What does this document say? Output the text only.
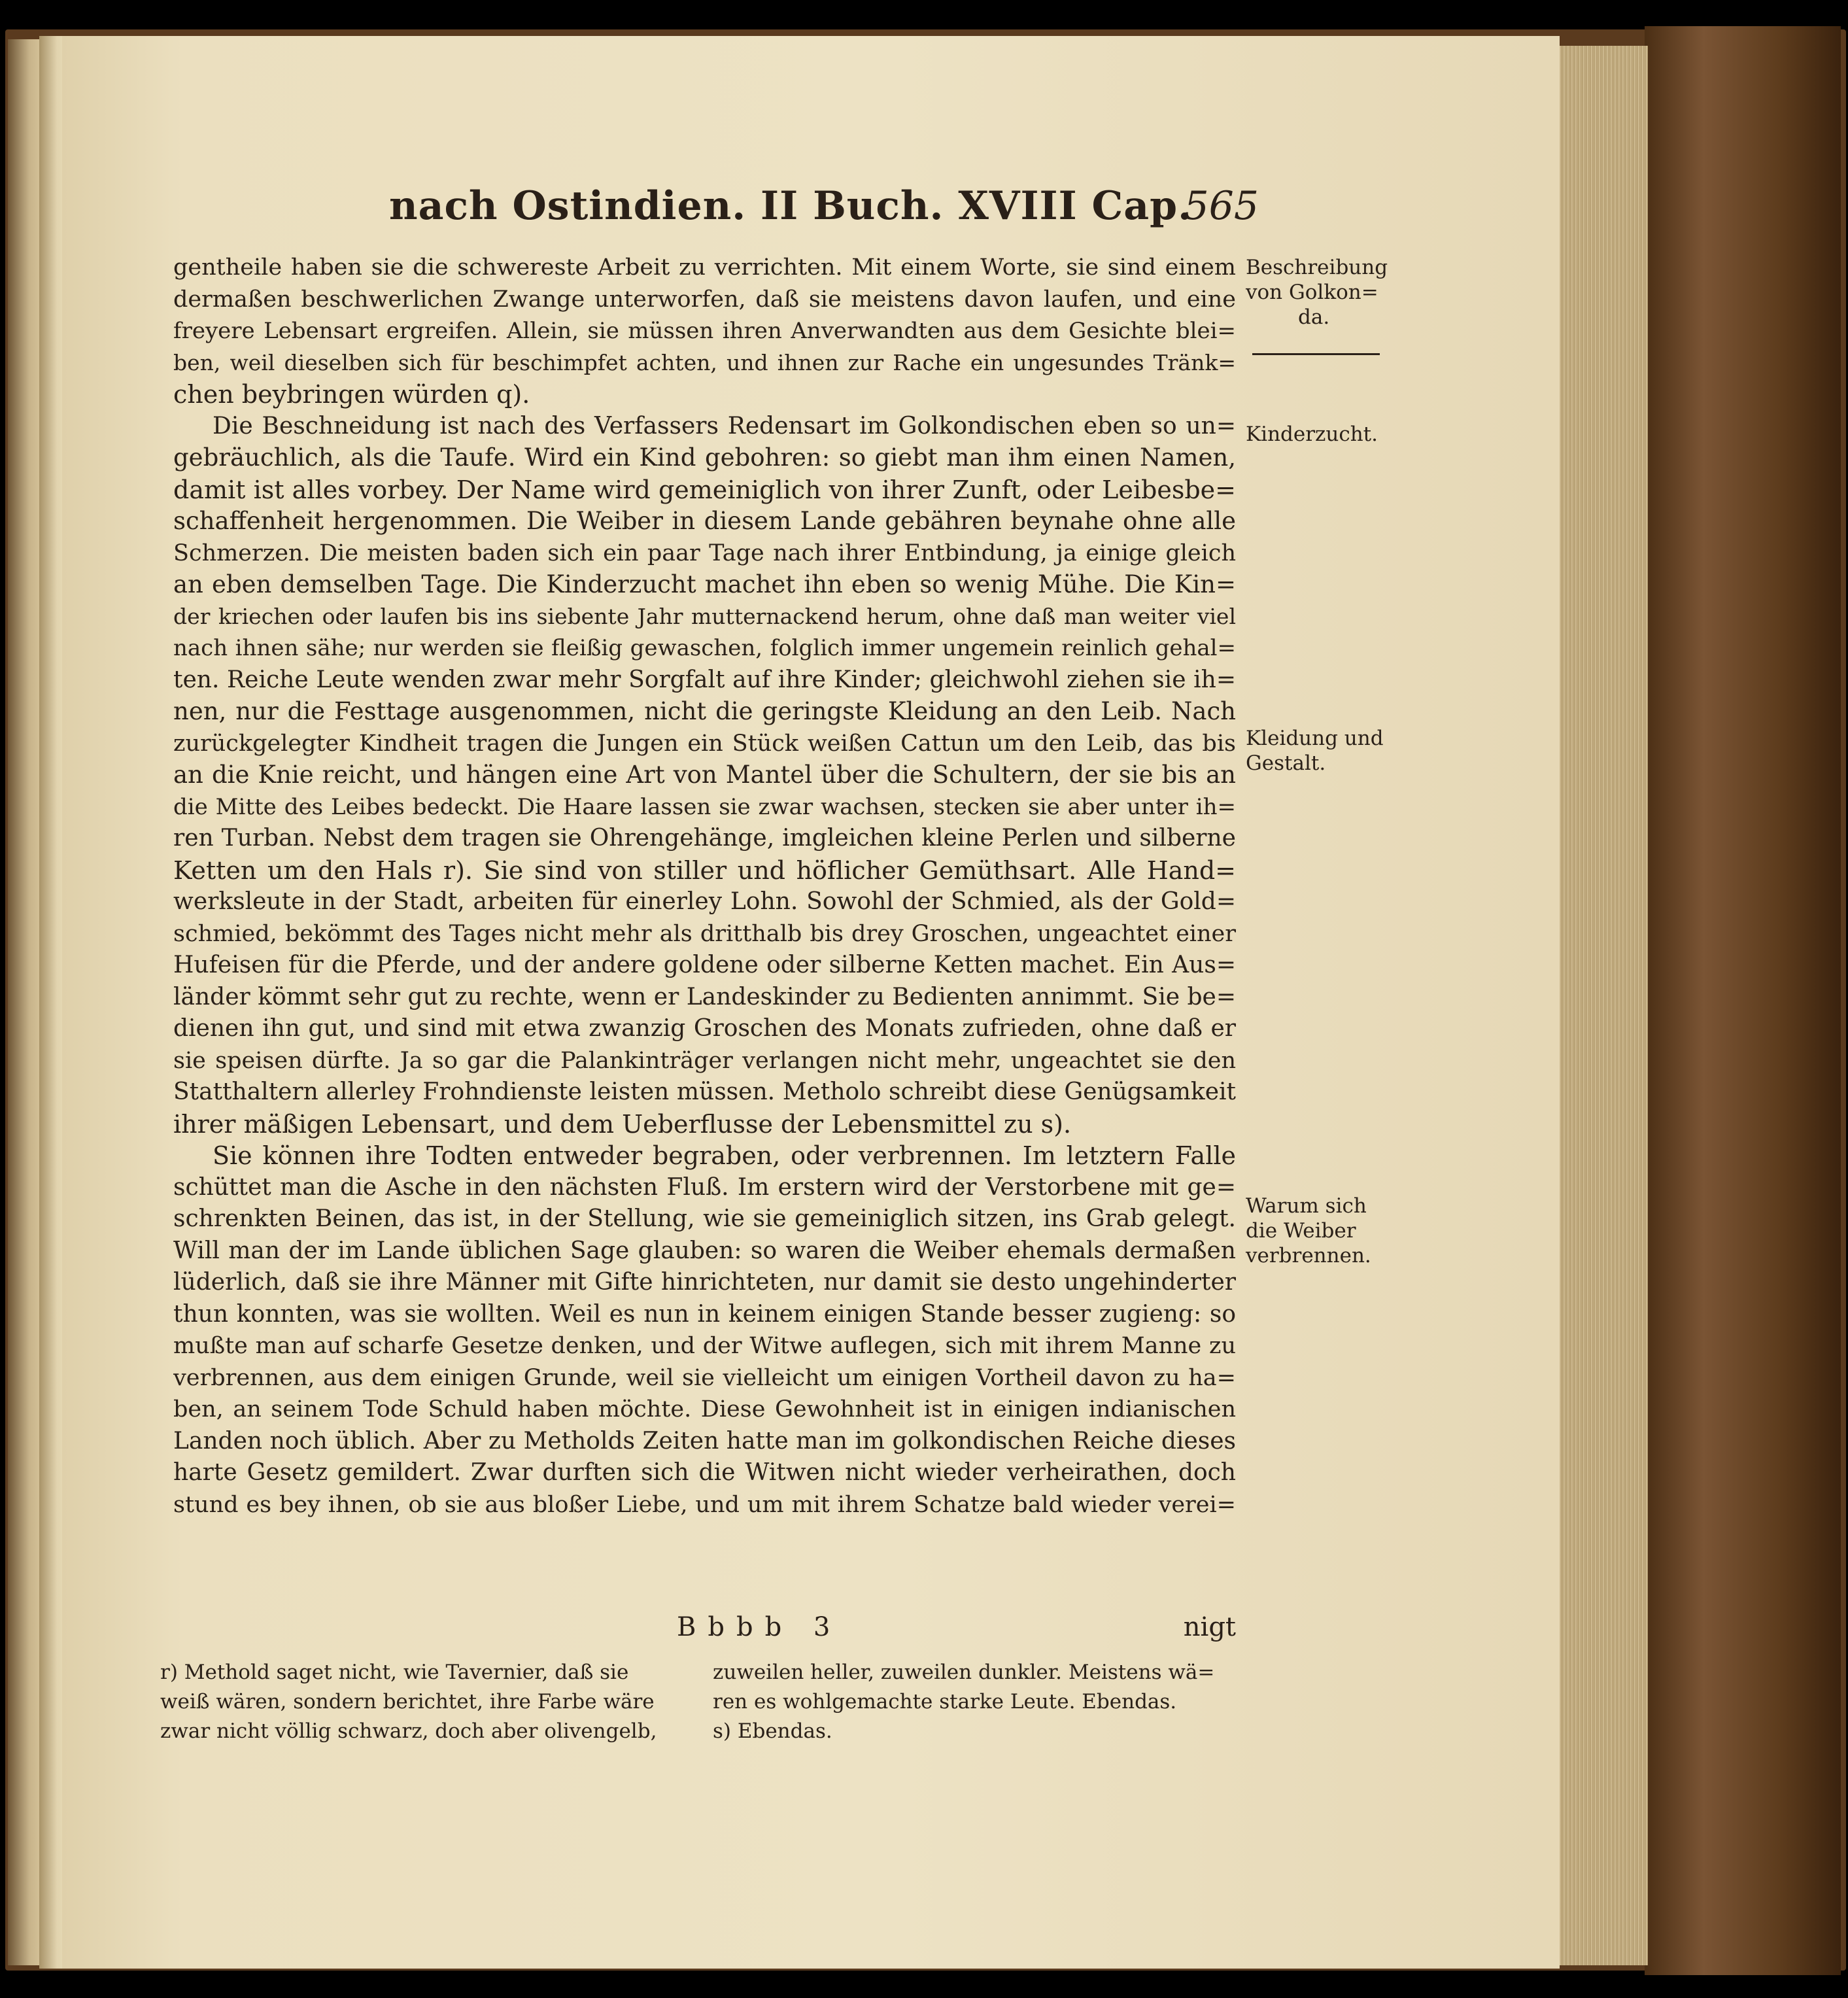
nach Ostindien. II Buch. XVIII Cap.
565
gentheile haben sie die schwereste Arbeit zu verrichten. Mit einem Worte, sie sind einem
dermaßen beschwerlichen Zwange unterworfen, daß sie meistens davon laufen, und eine
freyere Lebensart ergreifen. Allein, sie müssen ihren Anverwandten aus dem Gesichte blei=
ben, weil dieselben sich für beschimpfet achten, und ihnen zur Rache ein ungesundes Tränk=
chen beybringen würden q).
Die Beschneidung ist nach des Verfassers Redensart im Golkondischen eben so un=
gebräuchlich, als die Taufe. Wird ein Kind gebohren: so giebt man ihm einen Namen,
damit ist alles vorbey. Der Name wird gemeiniglich von ihrer Zunft, oder Leibesbe=
schaffenheit hergenommen. Die Weiber in diesem Lande gebähren beynahe ohne alle
Schmerzen. Die meisten baden sich ein paar Tage nach ihrer Entbindung, ja einige gleich
an eben demselben Tage. Die Kinderzucht machet ihn eben so wenig Mühe. Die Kin=
der kriechen oder laufen bis ins siebente Jahr mutternackend herum, ohne daß man weiter viel
nach ihnen sähe; nur werden sie fleißig gewaschen, folglich immer ungemein reinlich gehal=
ten. Reiche Leute wenden zwar mehr Sorgfalt auf ihre Kinder; gleichwohl ziehen sie ih=
nen, nur die Festtage ausgenommen, nicht die geringste Kleidung an den Leib. Nach
zurückgelegter Kindheit tragen die Jungen ein Stück weißen Cattun um den Leib, das bis
an die Knie reicht, und hängen eine Art von Mantel über die Schultern, der sie bis an
die Mitte des Leibes bedeckt. Die Haare lassen sie zwar wachsen, stecken sie aber unter ih=
ren Turban. Nebst dem tragen sie Ohrengehänge, imgleichen kleine Perlen und silberne
Ketten um den Hals r). Sie sind von stiller und höflicher Gemüthsart. Alle Hand=
werksleute in der Stadt, arbeiten für einerley Lohn. Sowohl der Schmied, als der Gold=
schmied, bekömmt des Tages nicht mehr als dritthalb bis drey Groschen, ungeachtet einer
Hufeisen für die Pferde, und der andere goldene oder silberne Ketten machet. Ein Aus=
länder kömmt sehr gut zu rechte, wenn er Landeskinder zu Bedienten annimmt. Sie be=
dienen ihn gut, und sind mit etwa zwanzig Groschen des Monats zufrieden, ohne daß er
sie speisen dürfte. Ja so gar die Palankinträger verlangen nicht mehr, ungeachtet sie den
Statthaltern allerley Frohndienste leisten müssen. Metholo schreibt diese Genügsamkeit
ihrer mäßigen Lebensart, und dem Ueberflusse der Lebensmittel zu s).
Sie können ihre Todten entweder begraben, oder verbrennen. Im letztern Falle
schüttet man die Asche in den nächsten Fluß. Im erstern wird der Verstorbene mit ge=
schrenkten Beinen, das ist, in der Stellung, wie sie gemeiniglich sitzen, ins Grab gelegt.
Will man der im Lande üblichen Sage glauben: so waren die Weiber ehemals dermaßen
lüderlich, daß sie ihre Männer mit Gifte hinrichteten, nur damit sie desto ungehinderter
thun konnten, was sie wollten. Weil es nun in keinem einigen Stande besser zugieng: so
mußte man auf scharfe Gesetze denken, und der Witwe auflegen, sich mit ihrem Manne zu
verbrennen, aus dem einigen Grunde, weil sie vielleicht um einigen Vortheil davon zu ha=
ben, an seinem Tode Schuld haben möchte. Diese Gewohnheit ist in einigen indianischen
Landen noch üblich. Aber zu Metholds Zeiten hatte man im golkondischen Reiche dieses
harte Gesetz gemildert. Zwar durften sich die Witwen nicht wieder verheirathen, doch
stund es bey ihnen, ob sie aus bloßer Liebe, und um mit ihrem Schatze bald wieder verei=
Bbbb 3	nigt
r) Methold saget nicht, wie Tavernier, daß sie
weiß wären, sondern berichtet, ihre Farbe wäre
zwar nicht völlig schwarz, doch aber olivengelb,
zuweilen heller, zuweilen dunkler. Meistens wä=
ren es wohlgemachte starke Leute. Ebendas.
s) Ebendas.
Beschreibung
von Golkon=
da.
Kinderzucht.
Kleidung und
Gestalt.
Warum sich
die Weiber
verbrennen.
